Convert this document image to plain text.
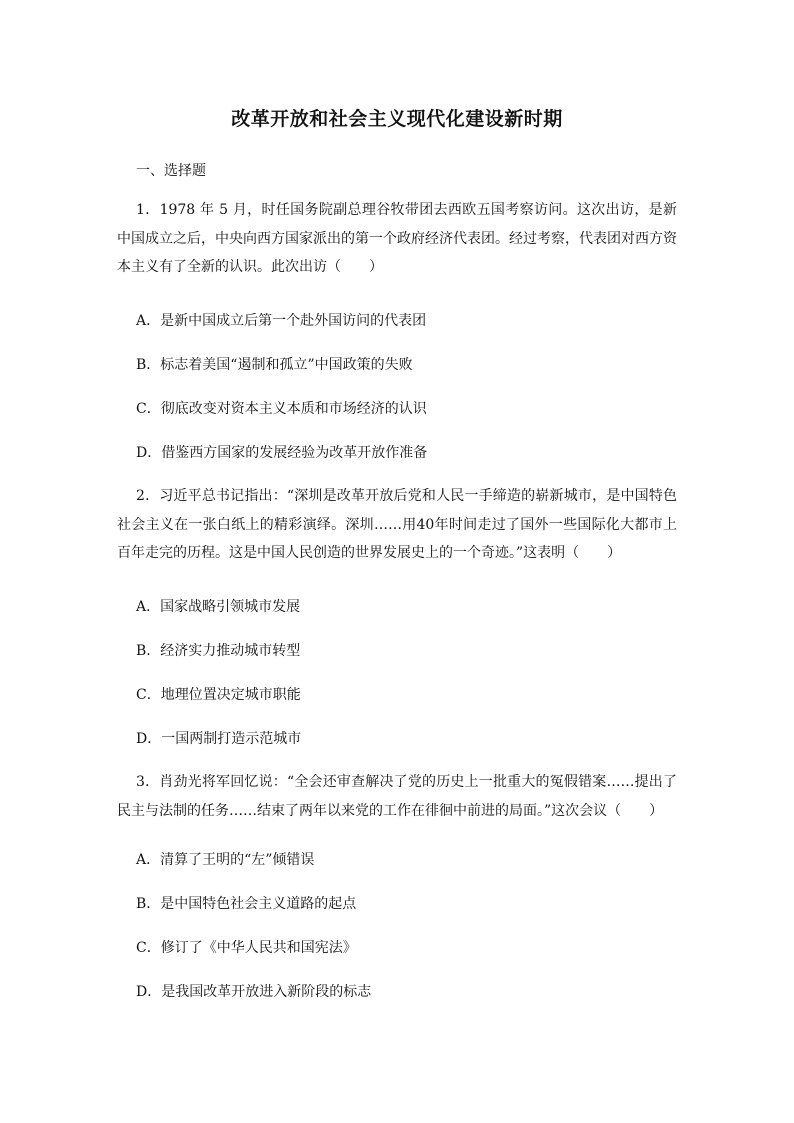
改革开放和社会主义现代化建设新时期
一、选择题
1．1978 年 5 月，时任国务院副总理谷牧带团去西欧五国考察访问。这次出访，是新中国成立之后，中央向西方国家派出的第一个政府经济代表团。经过考察，代表团对西方资本主义有了全新的认识。此次出访（　　）
A．是新中国成立后第一个赴外国访问的代表团
B．标志着美国“遏制和孤立”中国政策的失败
C．彻底改变对资本主义本质和市场经济的认识
D．借鉴西方国家的发展经验为改革开放作准备
2．习近平总书记指出：“深圳是改革开放后党和人民一手缔造的崭新城市，是中国特色社会主义在一张白纸上的精彩演绎。深圳……用40年时间走过了国外一些国际化大都市上百年走完的历程。这是中国人民创造的世界发展史上的一个奇迹。”这表明（　　）
A．国家战略引领城市发展
B．经济实力推动城市转型
C．地理位置决定城市职能
D．一国两制打造示范城市
3．肖劲光将军回忆说：“全会还审查解决了党的历史上一批重大的冤假错案……提出了民主与法制的任务……结束了两年以来党的工作在徘徊中前进的局面。”这次会议（　　）
A．清算了王明的“左”倾错误
B．是中国特色社会主义道路的起点
C．修订了《中华人民共和国宪法》
D．是我国改革开放进入新阶段的标志
